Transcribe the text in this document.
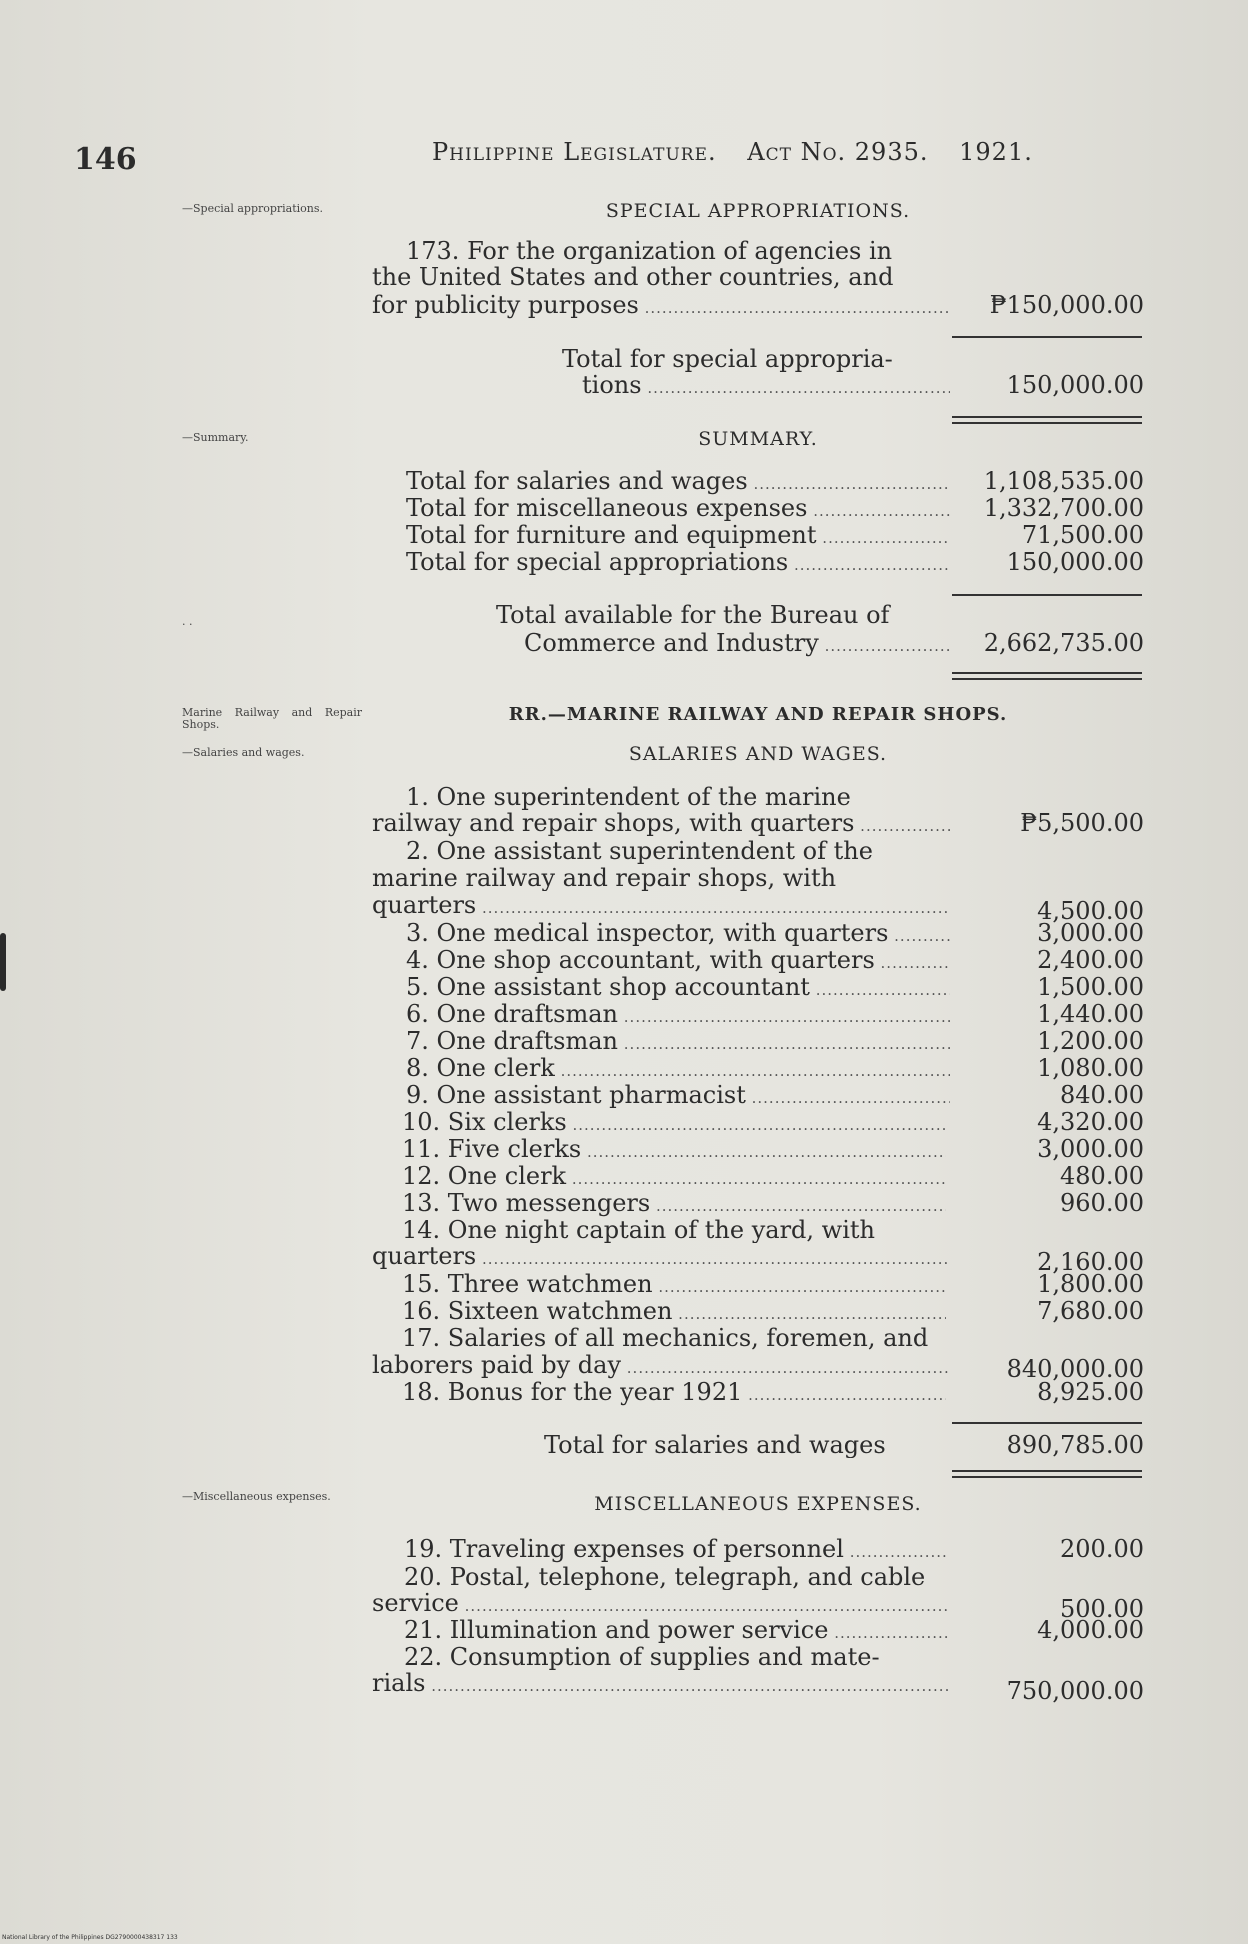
146	Philippine Legislature. Act No. 2935. 1921.
—Special appropriations.
—Summary.
. .
Marine Railway and Repair Shops.
—Salaries and wages.
—Miscellaneous expenses.
SPECIAL APPROPRIATIONS.
173. For the organization of agencies in
the United States and other countries, and
for publicity purposes .....	₱150,000.00
Total for special appropria-
tions .....	150,000.00
SUMMARY.
Total for salaries and wages .....	1,108,535.00
Total for miscellaneous expenses .....	1,332,700.00
Total for furniture and equipment .....	71,500.00
Total for special appropriations .....	150,000.00
Total available for the Bureau of
Commerce and Industry .....	2,662,735.00
RR.—MARINE RAILWAY AND REPAIR SHOPS.
SALARIES AND WAGES.
1. One superintendent of the marine
railway and repair shops, with quarters .....	₱5,500.00
2. One assistant superintendent of the
marine railway and repair shops, with
quarters .....	4,500.00
3. One medical inspector, with quarters .....	3,000.00
4. One shop accountant, with quarters .....	2,400.00
5. One assistant shop accountant .....	1,500.00
6. One draftsman .....	1,440.00
7. One draftsman .....	1,200.00
8. One clerk .....	1,080.00
9. One assistant pharmacist .....	840.00
10. Six clerks .....	4,320.00
11. Five clerks .....	3,000.00
12. One clerk .....	480.00
13. Two messengers .....	960.00
14. One night captain of the yard, with
quarters .....	2,160.00
15. Three watchmen .....	1,800.00
16. Sixteen watchmen .....	7,680.00
17. Salaries of all mechanics, foremen, and
laborers paid by day .....	840,000.00
18. Bonus for the year 1921 .....	8,925.00
Total for salaries and wages	890,785.00
MISCELLANEOUS EXPENSES.
19. Traveling expenses of personnel .....	200.00
20. Postal, telephone, telegraph, and cable
service .....	500.00
21. Illumination and power service .....	4,000.00
22. Consumption of supplies and mate-
rials .....	750,000.00
National Library of the Philippines DG2790000438317 133
